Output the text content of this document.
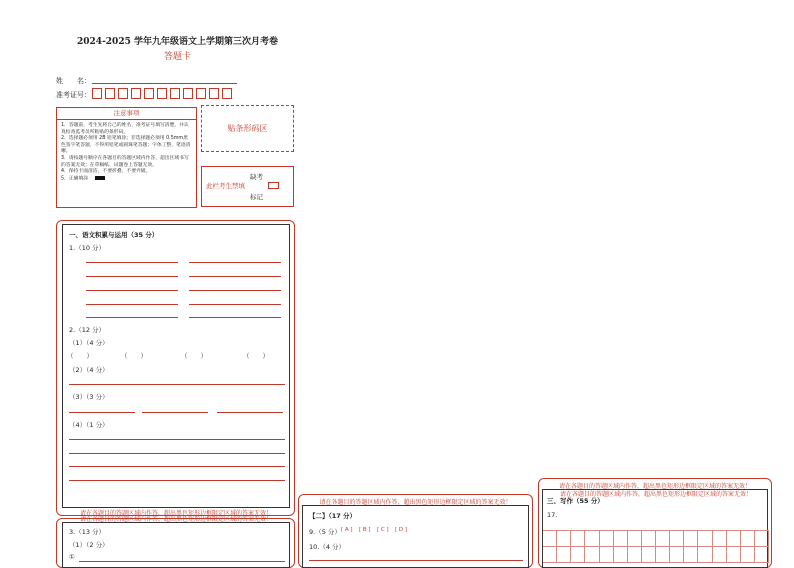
2024-2025 学年九年级语文上学期第三次月考卷
答题卡
姓　　名：
准考证号：
注意事项
1．答题前，考生先将自己的姓名，准考证号填写清楚，并认真检查监考员所粘贴的条形码。
2．选择题必须用 2B 铅笔填涂；非选择题必须用 0.5mm黑色签字笔答题，不得用铅笔或圆珠笔答题；字体工整、笔迹清晰。
3．请按题号顺序在各题目的答题区域内作答，超出区域书写的答案无效；在草稿纸、试题卷上答题无效。
4．保持卡面清洁，不要折叠、不要弄破。
5．正确填涂
贴条形码区
缺考
此栏考生禁填
标记
一、语文积累与运用（35 分）
1.（10 分）
2.（12 分）
（1）（4 分）
（　　）	（　　）	（　　）	（　　）
（2）（4 分）
（3）（3 分）
（4）（1 分）
请在各题目的答题区域内作答，超出黑色矩形边框限定区域的答案无效！
请在各题目的答题区域内作答，超出黑色矩形边框限定区域的答案无效！
3.（13 分）
（1）（2 分）
①
请在各题目的答题区域内作答，超出黑色矩形边框限定区域的答案无效！
【二】（17 分）
9.（5 分） [ A ] [ B ] [ C ] [ D ]
10.（4 分）
请在各题目的答题区域内作答，超出黑色矩形边框限定区域的答案无效！
请在各题目的答题区域内作答，超出黑色矩形边框限定区域的答案无效！
三、写作（55 分）
17.
